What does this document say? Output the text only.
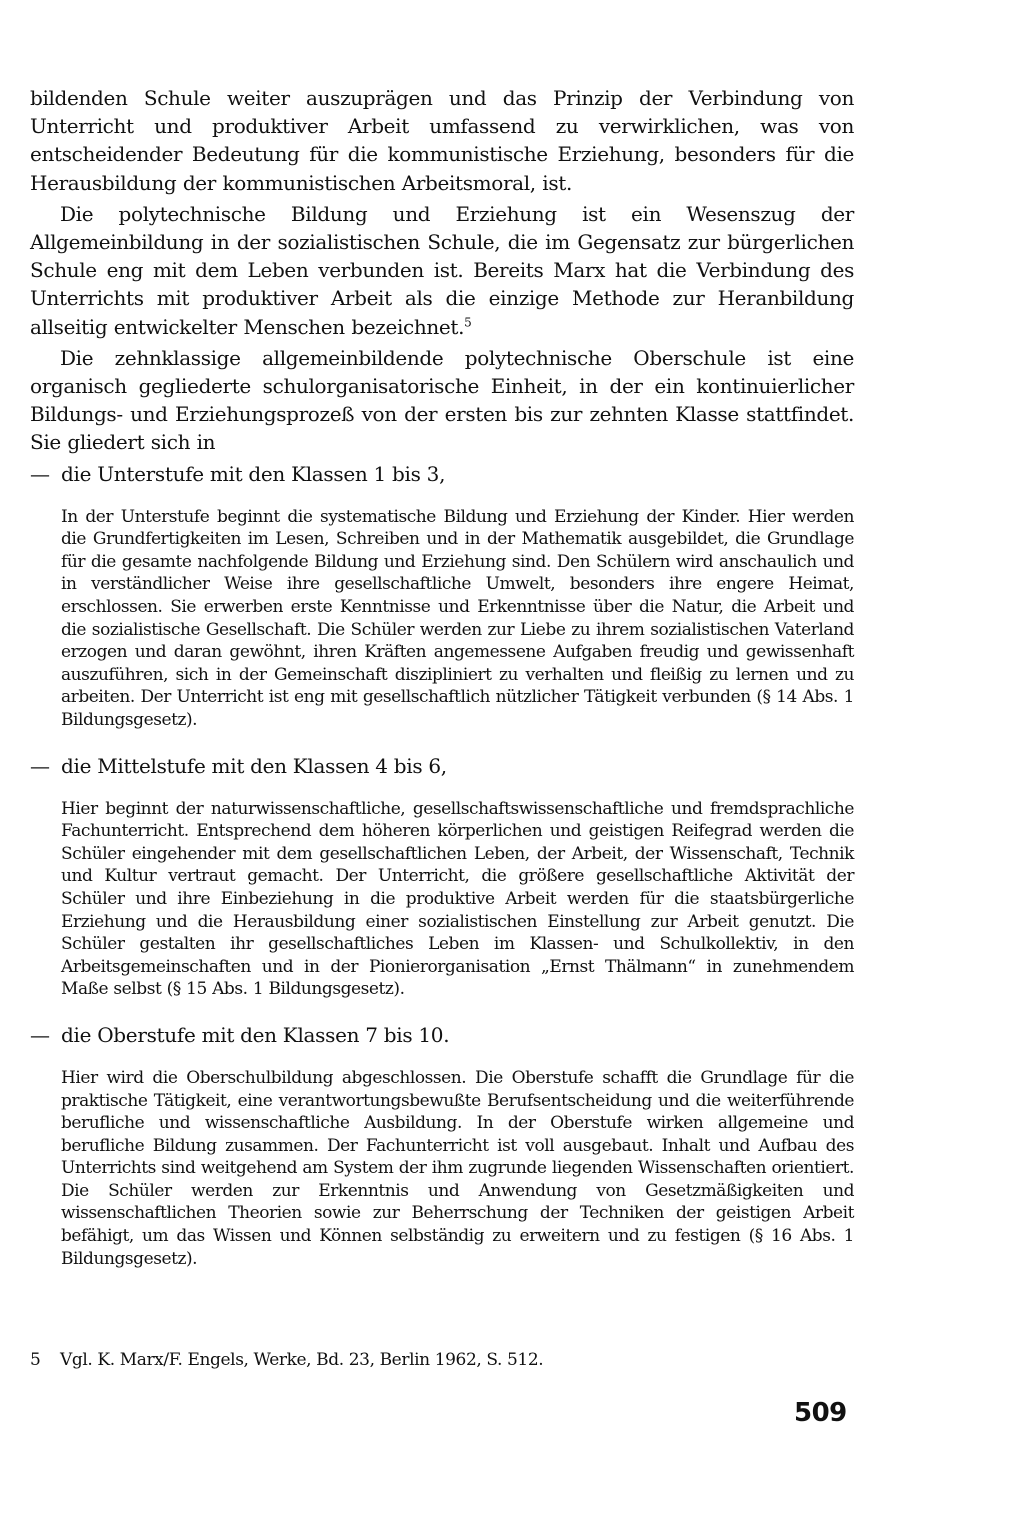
bildenden Schule weiter auszuprägen und das Prinzip der Verbindung von Unterricht und produktiver Arbeit umfassend zu verwirklichen, was von entscheidender Bedeutung für die kommunistische Erziehung, besonders für die Herausbildung der kommunistischen Arbeitsmoral, ist.

Die polytechnische Bildung und Erziehung ist ein Wesenszug der Allgemeinbildung in der sozialistischen Schule, die im Gegensatz zur bürgerlichen Schule eng mit dem Leben verbunden ist. Bereits Marx hat die Verbindung des Unterrichts mit produktiver Arbeit als die einzige Methode zur Heranbildung allseitig entwickelter Menschen bezeichnet.$^5$

Die zehnklassige allgemeinbildende polytechnische Oberschule ist eine organisch gegliederte schulorganisatorische Einheit, in der ein kontinuierlicher Bildungs- und Erziehungsprozeß von der ersten bis zur zehnten Klasse stattfindet. Sie gliedert sich in

— die Unterstufe mit den Klassen 1 bis 3,

In der Unterstufe beginnt die systematische Bildung und Erziehung der Kinder. Hier werden die Grundfertigkeiten im Lesen, Schreiben und in der Mathematik ausgebildet, die Grundlage für die gesamte nachfolgende Bildung und Erziehung sind. Den Schülern wird anschaulich und in verständlicher Weise ihre gesellschaftliche Umwelt, besonders ihre engere Heimat, erschlossen. Sie erwerben erste Kenntnisse und Erkenntnisse über die Natur, die Arbeit und die sozialistische Gesellschaft. Die Schüler werden zur Liebe zu ihrem sozialistischen Vaterland erzogen und daran gewöhnt, ihren Kräften angemessene Aufgaben freudig und gewissenhaft auszuführen, sich in der Gemeinschaft diszipliniert zu verhalten und fleißig zu lernen und zu arbeiten. Der Unterricht ist eng mit gesellschaftlich nützlicher Tätigkeit verbunden (§ 14 Abs. 1 Bildungsgesetz).

— die Mittelstufe mit den Klassen 4 bis 6,

Hier beginnt der naturwissenschaftliche, gesellschaftswissenschaftliche und fremdsprachliche Fachunterricht. Entsprechend dem höheren körperlichen und geistigen Reifegrad werden die Schüler eingehender mit dem gesellschaftlichen Leben, der Arbeit, der Wissenschaft, Technik und Kultur vertraut gemacht. Der Unterricht, die größere gesellschaftliche Aktivität der Schüler und ihre Einbeziehung in die produktive Arbeit werden für die staatsbürgerliche Erziehung und die Herausbildung einer sozialistischen Einstellung zur Arbeit genutzt. Die Schüler gestalten ihr gesellschaftliches Leben im Klassen- und Schulkollektiv, in den Arbeitsgemeinschaften und in der Pionierorganisation „Ernst Thälmann“ in zunehmendem Maße selbst (§ 15 Abs. 1 Bildungsgesetz).

— die Oberstufe mit den Klassen 7 bis 10.

Hier wird die Oberschulbildung abgeschlossen. Die Oberstufe schafft die Grundlage für die praktische Tätigkeit, eine verantwortungsbewußte Berufsentscheidung und die weiterführende berufliche und wissenschaftliche Ausbildung. In der Oberstufe wirken allgemeine und berufliche Bildung zusammen. Der Fachunterricht ist voll ausgebaut. Inhalt und Aufbau des Unterrichts sind weitgehend am System der ihm zugrunde liegenden Wissenschaften orientiert. Die Schüler werden zur Erkenntnis und Anwendung von Gesetzmäßigkeiten und wissenschaftlichen Theorien sowie zur Beherrschung der Techniken der geistigen Arbeit befähigt, um das Wissen und Können selbständig zu erweitern und zu festigen (§ 16 Abs. 1 Bildungsgesetz).

5 Vgl. K. Marx/F. Engels, Werke, Bd. 23, Berlin 1962, S. 512.
509
